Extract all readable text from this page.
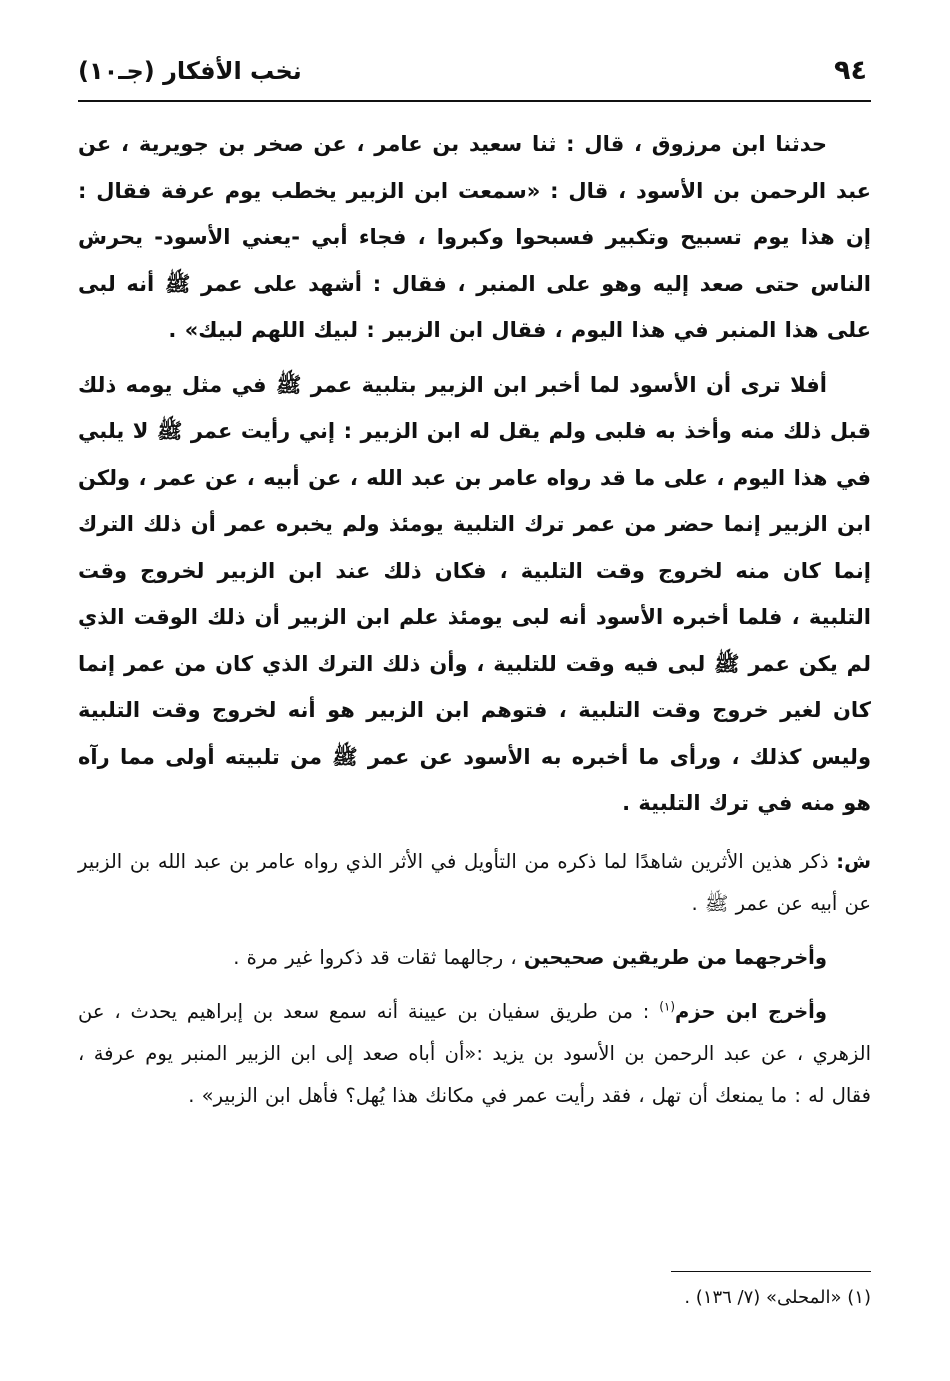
٩٤
نخب الأفكار (جـ١٠)

حدثنا ابن مرزوق ، قال : ثنا سعيد بن عامر ، عن صخر بن جويرية ، عن عبد الرحمن بن الأسود ، قال : «سمعت ابن الزبير يخطب يوم عرفة فقال : إن هذا يوم تسبيح وتكبير فسبحوا وكبروا ، فجاء أبي -يعني الأسود- يحرش الناس حتى صعد إليه وهو على المنبر ، فقال : أشهد على عمر ﷺ أنه لبى على هذا المنبر في هذا اليوم ، فقال ابن الزبير : لبيك اللهم لبيك» .

أفلا ترى أن الأسود لما أخبر ابن الزبير بتلبية عمر ﷺ في مثل يومه ذلك قبل ذلك منه وأخذ به فلبى ولم يقل له ابن الزبير : إني رأيت عمر ﷺ لا يلبي في هذا اليوم ، على ما قد رواه عامر بن عبد الله ، عن أبيه ، عن عمر ، ولكن ابن الزبير إنما حضر من عمر ترك التلبية يومئذ ولم يخبره عمر أن ذلك الترك إنما كان منه لخروج وقت التلبية ، فكان ذلك عند ابن الزبير لخروج وقت التلبية ، فلما أخبره الأسود أنه لبى يومئذ علم ابن الزبير أن ذلك الوقت الذي لم يكن عمر ﷺ لبى فيه وقت للتلبية ، وأن ذلك الترك الذي كان من عمر إنما كان لغير خروج وقت التلبية ، فتوهم ابن الزبير هو أنه لخروج وقت التلبية وليس كذلك ، ورأى ما أخبره به الأسود عن عمر ﷺ من تلبيته أولى مما رآه هو منه في ترك التلبية .

ش: ذكر هذين الأثرين شاهدًا لما ذكره من التأويل في الأثر الذي رواه عامر بن عبد الله بن الزبير عن أبيه عن عمر ﷺ .

وأخرجهما من طريقين صحيحين ، رجالهما ثقات قد ذكروا غير مرة .

وأخرج ابن حزم$^{(١)}$ : من طريق سفيان بن عيينة أنه سمع سعد بن إبراهيم يحدث ، عن الزهري ، عن عبد الرحمن بن الأسود بن يزيد :«أن أباه صعد إلى ابن الزبير المنبر يوم عرفة ، فقال له : ما يمنعك أن تهل ، فقد رأيت عمر في مكانك هذا يُهل؟ فأهل ابن الزبير» .

(١) «المحلى» (٧/ ١٣٦) .
